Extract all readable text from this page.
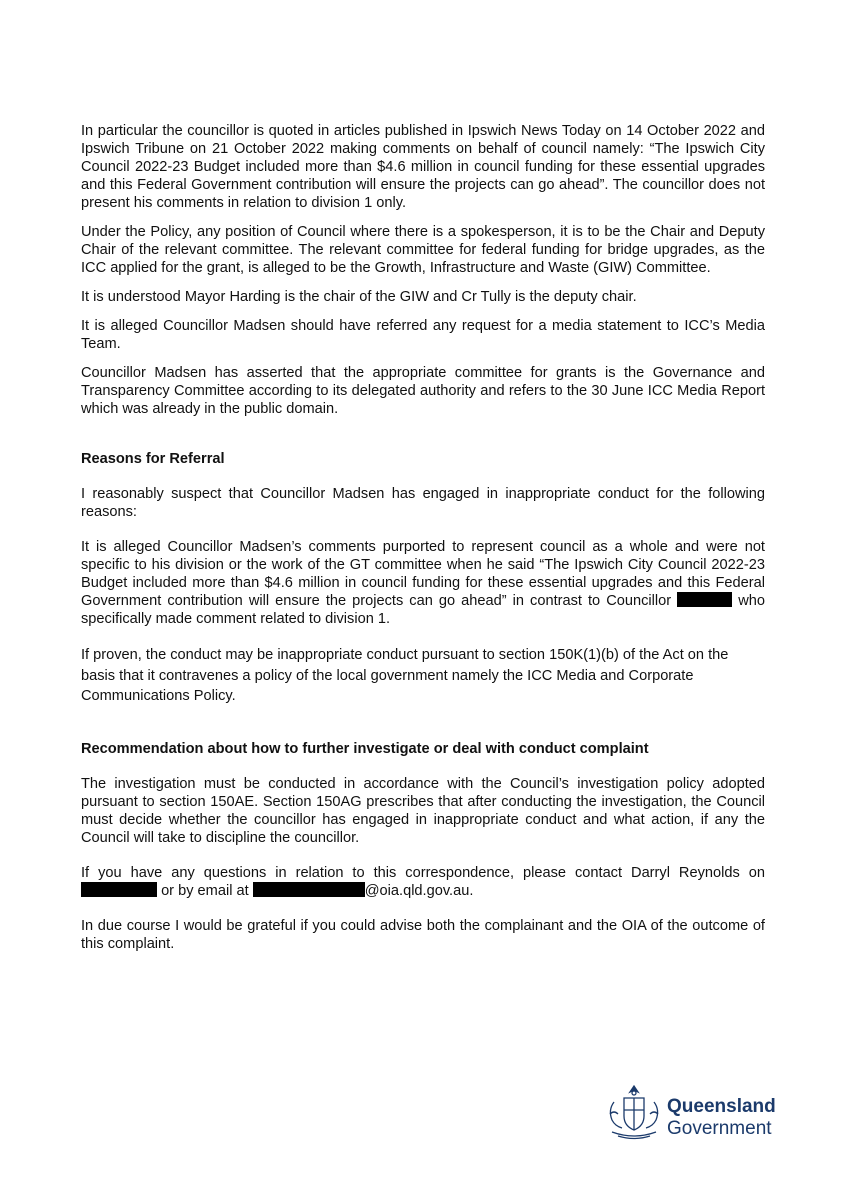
In particular the councillor is quoted in articles published in Ipswich News Today on 14 October 2022 and Ipswich Tribune on 21 October 2022 making comments on behalf of council namely: “The Ipswich City Council 2022-23 Budget included more than $4.6 million in council funding for these essential upgrades and this Federal Government contribution will ensure the projects can go ahead”. The councillor does not present his comments in relation to division 1 only.

Under the Policy, any position of Council where there is a spokesperson, it is to be the Chair and Deputy Chair of the relevant committee. The relevant committee for federal funding for bridge upgrades, as the ICC applied for the grant, is alleged to be the Growth, Infrastructure and Waste (GIW) Committee.

It is understood Mayor Harding is the chair of the GIW and Cr Tully is the deputy chair.

It is alleged Councillor Madsen should have referred any request for a media statement to ICC’s Media Team.

Councillor Madsen has asserted that the appropriate committee for grants is the Governance and Transparency Committee according to its delegated authority and refers to the 30 June ICC Media Report which was already in the public domain.

Reasons for Referral

I reasonably suspect that Councillor Madsen has engaged in inappropriate conduct for the following reasons:

It is alleged Councillor Madsen’s comments purported to represent council as a whole and were not specific to his division or the work of the GT committee when he said “The Ipswich City Council 2022-23 Budget included more than $4.6 million in council funding for these essential upgrades and this Federal Government contribution will ensure the projects can go ahead” in contrast to Councillor	who specifically made comment related to division 1.

If proven, the conduct may be inappropriate conduct pursuant to section 150K(1)(b) of the Act on the basis that it contravenes a policy of the local government namely the ICC Media and Corporate Communications Policy.

Recommendation about how to further investigate or deal with conduct complaint

The investigation must be conducted in accordance with the Council’s investigation policy adopted pursuant to section 150AE. Section 150AG prescribes that after conducting the investigation, the Council must decide whether the councillor has engaged in inappropriate conduct and what action, if any the Council will take to discipline the councillor.

If you have any questions in relation to this correspondence, please contact Darryl Reynolds on  or by email at	@oia.qld.gov.au.

In due course I would be grateful if you could advise both the complainant and the OIA of the outcome of this complaint.

Queensland
Government
